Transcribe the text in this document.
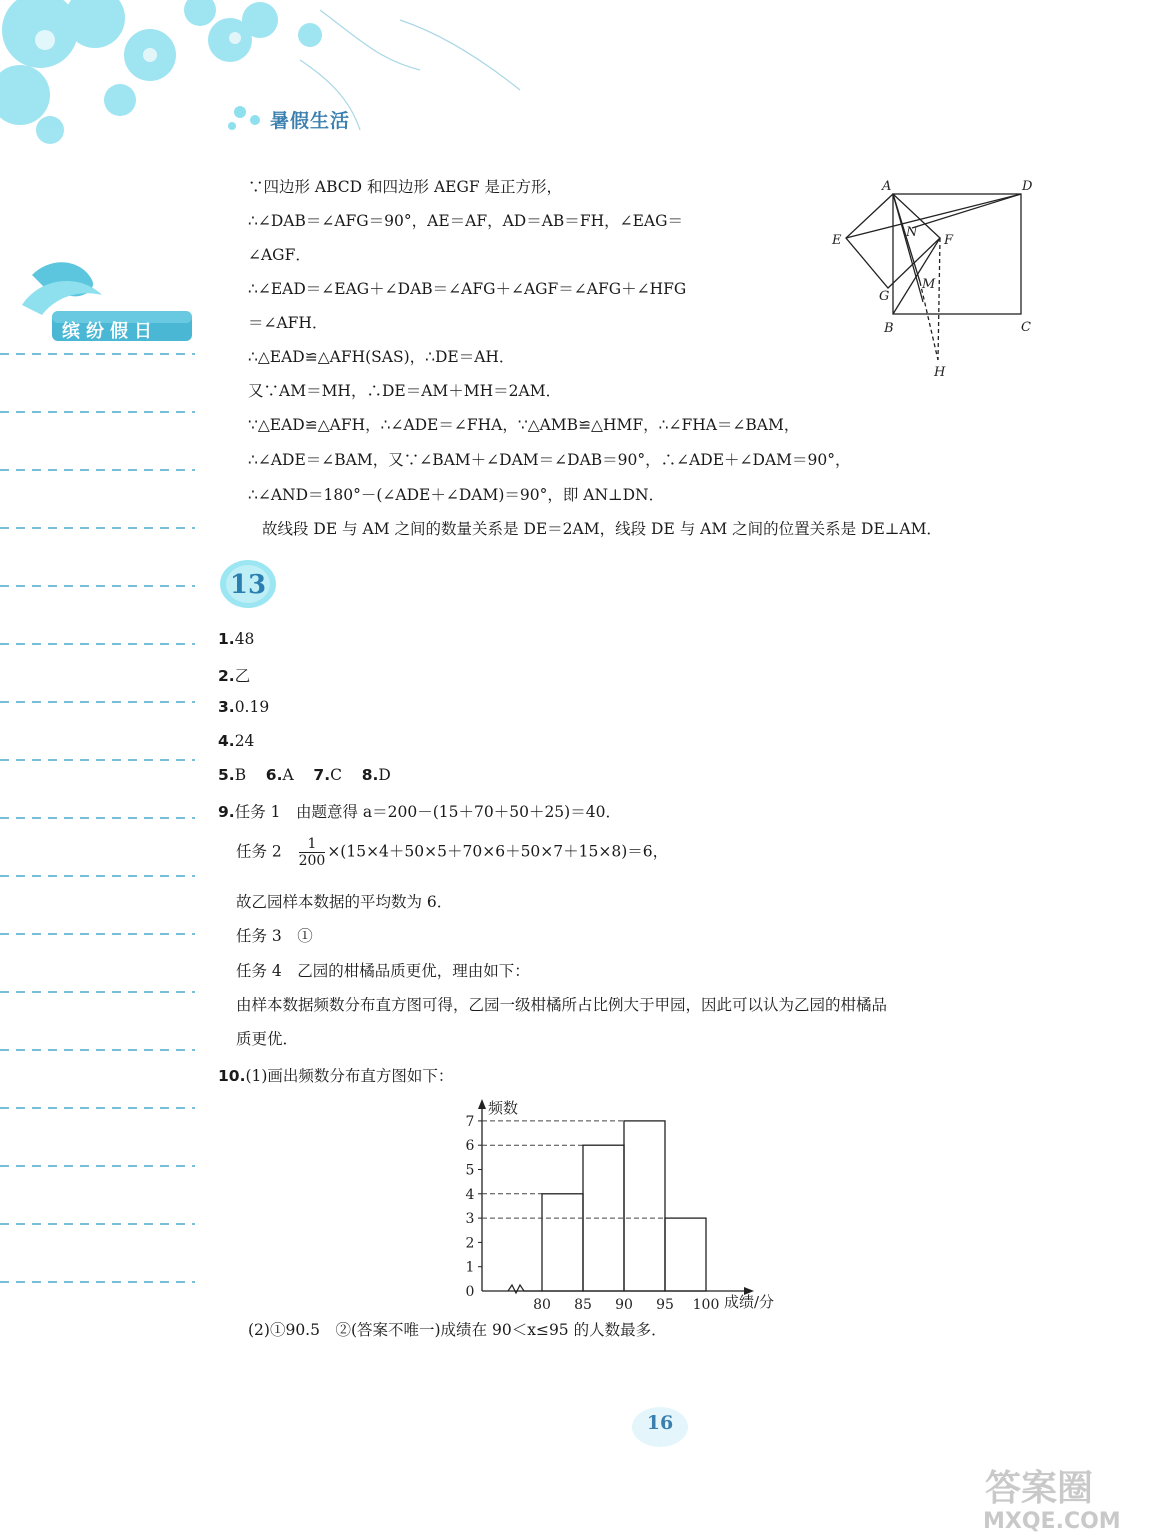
暑假生活
缤纷假日
∵四边形 ABCD 和四边形 AEGF 是正方形，
∴∠DAB＝∠AFG＝90°，AE＝AF，AD＝AB＝FH，∠EAG＝
∠AGF．
∴∠EAD＝∠EAG＋∠DAB＝∠AFG＋∠AGF＝∠AFG＋∠HFG
＝∠AFH．
∴△EAD≌△AFH(SAS)，∴DE＝AH．
又∵AM＝MH，∴DE＝AM＋MH＝2AM．
∵△EAD≌△AFH，∴∠ADE＝∠FHA，∵△AMB≌△HMF，∴∠FHA＝∠BAM，
∴∠ADE＝∠BAM，又∵∠BAM＋∠DAM＝∠DAB＝90°，∴∠ADE＋∠DAM＝90°，
∴∠AND＝180°－(∠ADE＋∠DAM)＝90°，即 AN⊥DN．
故线段 DE 与 AM 之间的数量关系是 DE＝2AM，线段 DE 与 AM 之间的位置关系是 DE⊥AM．
A	D
E
N
F
G
M
B	C
H
13
1.48
2.乙
3.0.19
4.24
5.B 6.A 7.C 8.D
9.任务 1　由题意得 a＝200－(15＋70＋50＋25)＝40．
任务 $2 \frac{1}{200} \times(15\times 4+50\times 5+70\times 6+50\times 7+15\times 8)=6$，
故乙园样本数据的平均数为 6．
任务 3　①
任务 4　乙园的柑橘品质更优，理由如下：
由样本数据频数分布直方图可得，乙园一级柑橘所占比例大于甲园，因此可以认为乙园的柑橘品
质更优．
10.(1)画出频数分布直方图如下：
频数
成绩/分
0
1
2
3
4
5
6
7
80 85 90 95 100
(2)①90.5　②(答案不唯一)成绩在 90＜x≤95 的人数最多．
16
答案圈
MXQE.COM
